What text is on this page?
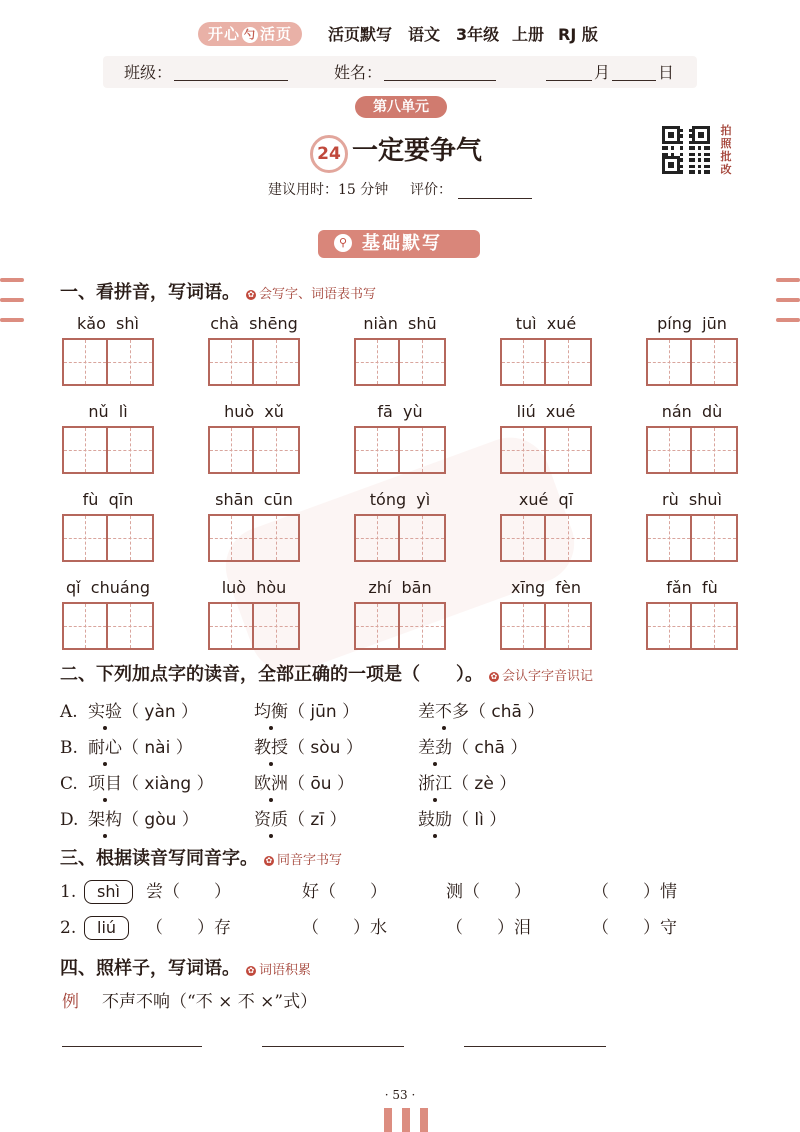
开心 勺 活页	活页默写 语文 3年级 上册 RJ 版
班级：	姓名：	月	日
第八单元
24 一定要争气
拍
照
批
改
建议用时：15 分钟 评价：
⚲ 基础默写
一、看拼音，写词语。 ✿ 会写字、词语表书写
kǎo shì	chà shēng	niàn shū	tuì xué	píng jūn
nǔ lì	huò xǔ	fā yù	liú xué	nán dù
fù qīn	shān cūn	tóng yì	xué qī	rù shuì
qǐ chuáng	luò hòu	zhí bān	xīng fèn	fǎn fù
二、下列加点字的读音，全部正确的一项是（　　）。 ✿ 会认字字音识记
A. 实验（ yàn ）	均衡（ jūn ）	差不多（ chā ）
B. 耐心（ nài ）	教授（ sòu ）	差劲（ chā ）
C. 项目（ xiàng ） 欧洲（ ōu ）	浙江（ zè ）
D. 架构（ gòu ）	资质（ zī ）	鼓励（ lì ）
三、根据读音写同音字。 ✿ 同音字书写
1.	shì	尝（　　）	好（　　）	测（　　）	（　　）情
2.	liú	（　　）存	（　　）水	（　　）泪	（　　）守
四、照样子，写词语。 ✿ 词语积累
例 不声不响（“不 × 不 ×”式）
· 53 ·
